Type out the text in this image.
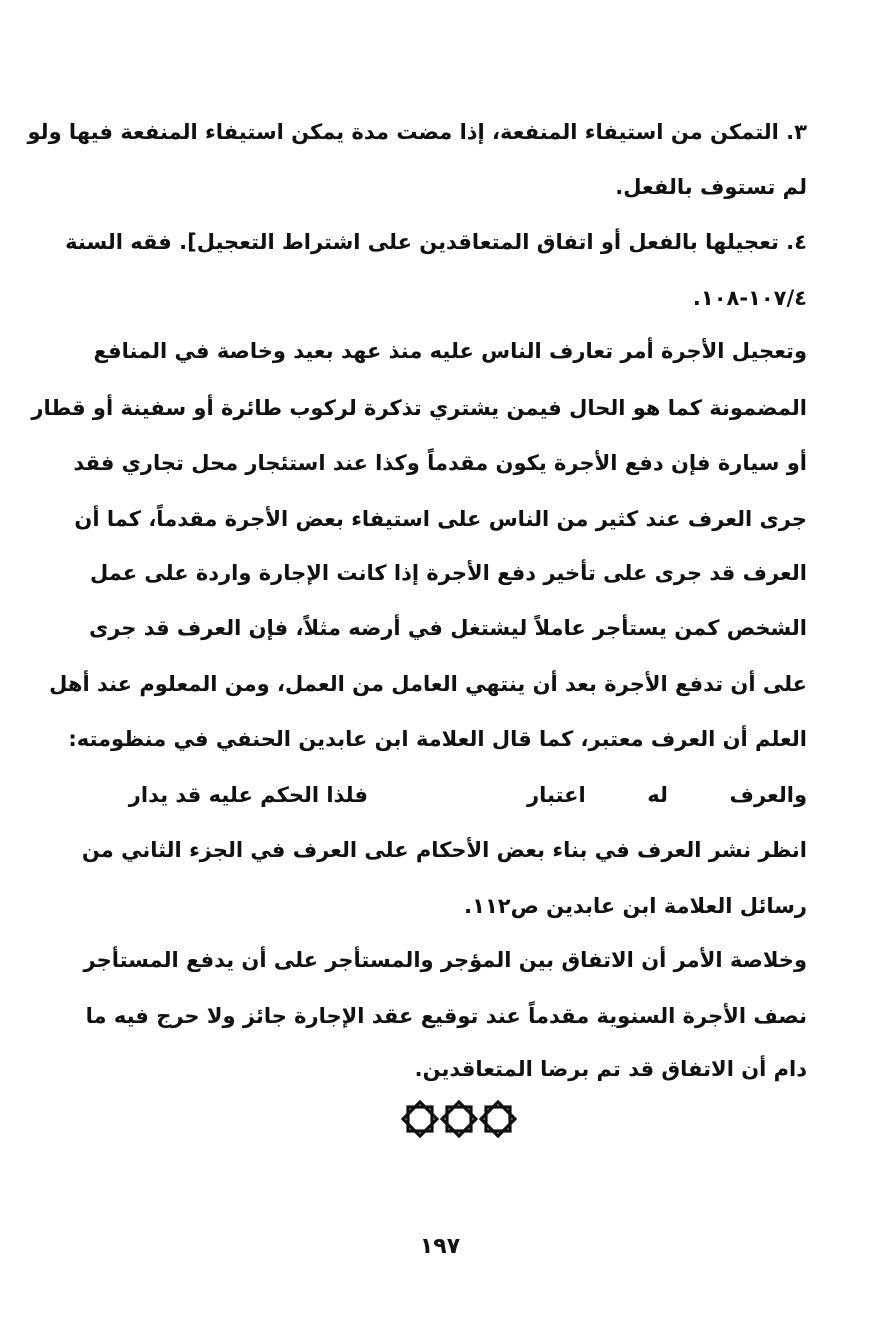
٣. التمكن من استيفاء المنفعة، إذا مضت مدة يمكن استيفاء المنفعة فيها ولو
لم تستوف بالفعل.
٤. تعجيلها بالفعل أو اتفاق المتعاقدين على اشتراط التعجيل]. فقه السنة
١٠٧/٤-١٠٨.
وتعجيل الأجرة أمر تعارف الناس عليه منذ عهد بعيد وخاصة في المنافع
المضمونة كما هو الحال فيمن يشتري تذكرة لركوب طائرة أو سفينة أو قطار
أو سيارة فإن دفع الأجرة يكون مقدماً وكذا عند استئجار محل تجاري فقد
جرى العرف عند كثير من الناس على استيفاء بعض الأجرة مقدماً، كما أن
العرف قد جرى على تأخير دفع الأجرة إذا كانت الإجارة واردة على عمل
الشخص كمن يستأجر عاملاً ليشتغل في أرضه مثلاً، فإن العرف قد جرى
على أن تدفع الأجرة بعد أن ينتهي العامل من العمل، ومن المعلوم عند أهل
العلم أن العرف معتبر، كما قال العلامة ابن عابدين الحنفي في منظومته:
والعرف له اعتبار
فلذا الحكم عليه قد يدار
انظر نشر العرف في بناء بعض الأحكام على العرف في الجزء الثاني من
رسائل العلامة ابن عابدين ص١١٢.
وخلاصة الأمر أن الاتفاق بين المؤجر والمستأجر على أن يدفع المستأجر
نصف الأجرة السنوية مقدماً عند توقيع عقد الإجارة جائز ولا حرج فيه ما
دام أن الاتفاق قد تم برضا المتعاقدين.
١٩٧
